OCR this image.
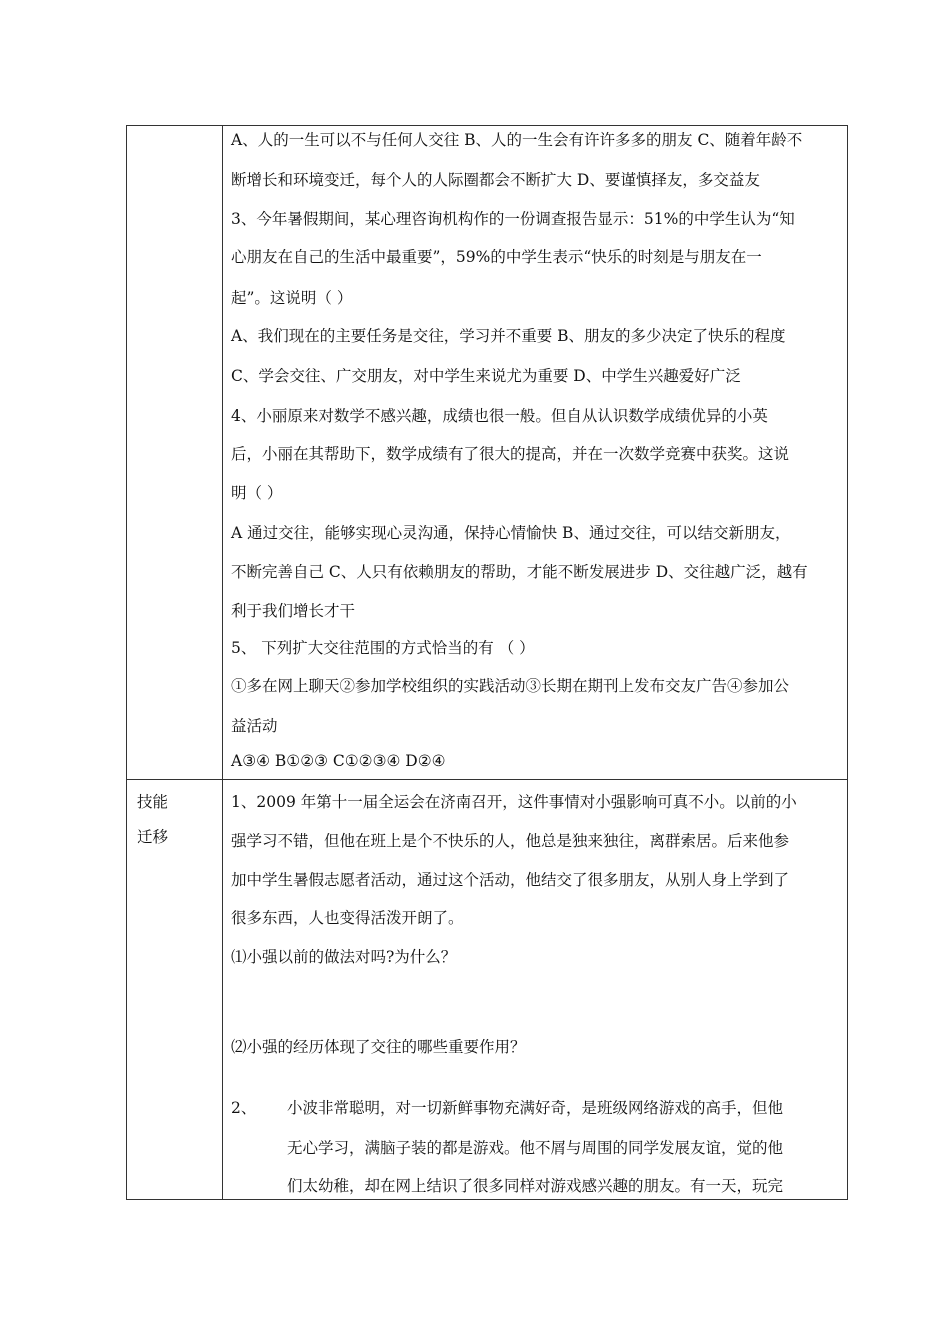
A、人的一生可以不与任何人交往 B、人的一生会有许许多多的朋友 C、随着年龄不
断增长和环境变迁，每个人的人际圈都会不断扩大 D、要谨慎择友，多交益友
3、今年暑假期间，某心理咨询机构作的一份调查报告显示：51%的中学生认为“知
心朋友在自己的生活中最重要”，59%的中学生表示“快乐的时刻是与朋友在一
起”。这说明（ ）
A、我们现在的主要任务是交往，学习并不重要 B、朋友的多少决定了快乐的程度
C、学会交往、广交朋友，对中学生来说尤为重要 D、中学生兴趣爱好广泛
4、小丽原来对数学不感兴趣，成绩也很一般。但自从认识数学成绩优异的小英
后，小丽在其帮助下，数学成绩有了很大的提高，并在一次数学竞赛中获奖。这说
明（ ）
A 通过交往，能够实现心灵沟通，保持心情愉快 B、通过交往，可以结交新朋友，
不断完善自己 C、人只有依赖朋友的帮助，才能不断发展进步 D、交往越广泛，越有
利于我们增长才干
5、 下列扩大交往范围的方式恰当的有 （ ）
①多在网上聊天②参加学校组织的实践活动③长期在期刊上发布交友广告④参加公
益活动
A③④ B①②③ C①②③④ D②④
技能
迁移
1、2009 年第十一届全运会在济南召开，这件事情对小强影响可真不小。以前的小
强学习不错，但他在班上是个不快乐的人，他总是独来独往，离群索居。后来他参
加中学生暑假志愿者活动，通过这个活动，他结交了很多朋友，从别人身上学到了
很多东西，人也变得活泼开朗了。
⑴小强以前的做法对吗?为什么？
⑵小强的经历体现了交往的哪些重要作用？
2、 小波非常聪明，对一切新鲜事物充满好奇，是班级网络游戏的高手，但他
无心学习，满脑子装的都是游戏。他不屑与周围的同学发展友谊，觉的他
们太幼稚，却在网上结识了很多同样对游戏感兴趣的朋友。有一天，玩完
